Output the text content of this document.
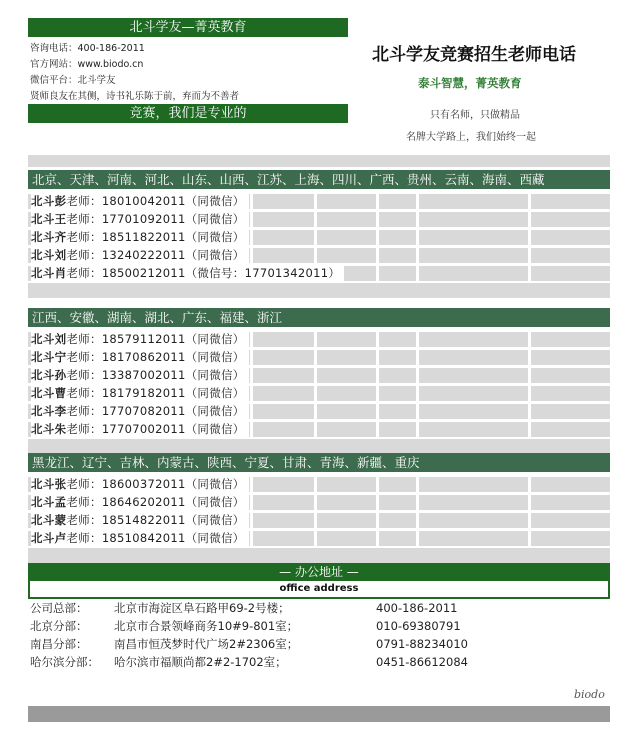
北斗学友—菁英教育
咨询电话：400-186-2011
官方网站：www.biodo.cn
微信平台：北斗学友
贤师良友在其侧，诗书礼乐陈于前，弃而为不善者
竞赛，我们是专业的
北斗学友竞赛招生老师电话
泰斗智慧，菁英教育
只有名师，只做精品
名牌大学路上，我们始终一起
北京、天津、河南、河北、山东、山西、江苏、上海、四川、广西、贵州、云南、海南、西藏
北斗彭老师：18010042011（同微信）
北斗王老师：17701092011（同微信）
北斗齐老师：18511822011（同微信）
北斗刘老师：13240222011（同微信）
北斗肖老师：18500212011（微信号：17701342011）
江西、安徽、湖南、湖北、广东、福建、浙江
北斗刘老师：18579112011（同微信）
北斗宁老师：18170862011（同微信）
北斗孙老师：13387002011（同微信）
北斗曹老师：18179182011（同微信）
北斗李老师：17707082011（同微信）
北斗朱老师：17707002011（同微信）
黑龙江、辽宁、吉林、内蒙古、陕西、宁夏、甘肃、青海、新疆、重庆
北斗张老师：18600372011（同微信）
北斗孟老师：18646202011（同微信）
北斗蒙老师：18514822011（同微信）
北斗卢老师：18510842011（同微信）
— 办公地址 —
office address
公司总部： 北京市海淀区阜石路甲69-2号楼；	400-186-2011
北京分部： 北京市合景领峰商务10#9-801室；	010-69380791
南昌分部： 南昌市恒茂梦时代广场2#2306室；	0791-88234010
哈尔滨分部： 哈尔滨市福顺尚都2#2-1702室；	0451-86612084
biodo
